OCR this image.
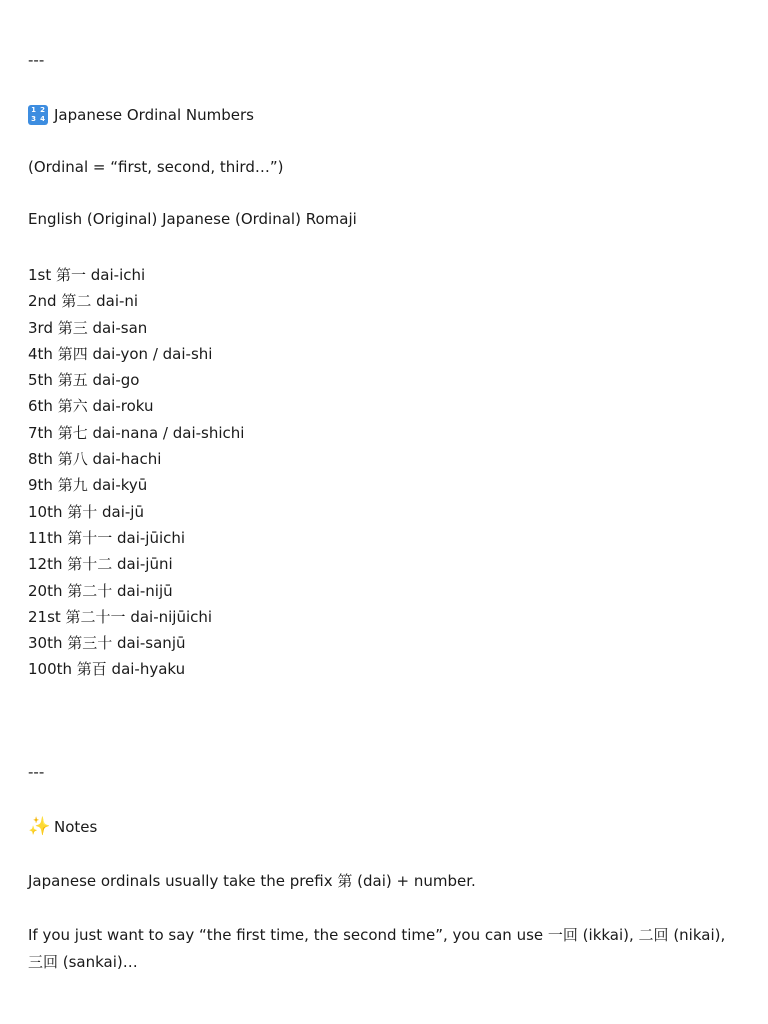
---
1 2
3 4 Japanese Ordinal Numbers
(Ordinal = “first, second, third…”)
English (Original) Japanese (Ordinal) Romaji
1st 第一 dai-ichi
2nd 第二 dai-ni
3rd 第三 dai-san
4th 第四 dai-yon / dai-shi
5th 第五 dai-go
6th 第六 dai-roku
7th 第七 dai-nana / dai-shichi
8th 第八 dai-hachi
9th 第九 dai-kyū
10th 第十 dai-jū
11th 第十一 dai-jūichi
12th 第十二 dai-jūni
20th 第二十 dai-nijū
21st 第二十一 dai-nijūichi
30th 第三十 dai-sanjū
100th 第百 dai-hyaku
---
✨ Notes
Japanese ordinals usually take the prefix 第 (dai) + number.
If you just want to say “the first time, the second time”, you can use 一回 (ikkai), 二回 (nikai), 三回 (sankai)…
